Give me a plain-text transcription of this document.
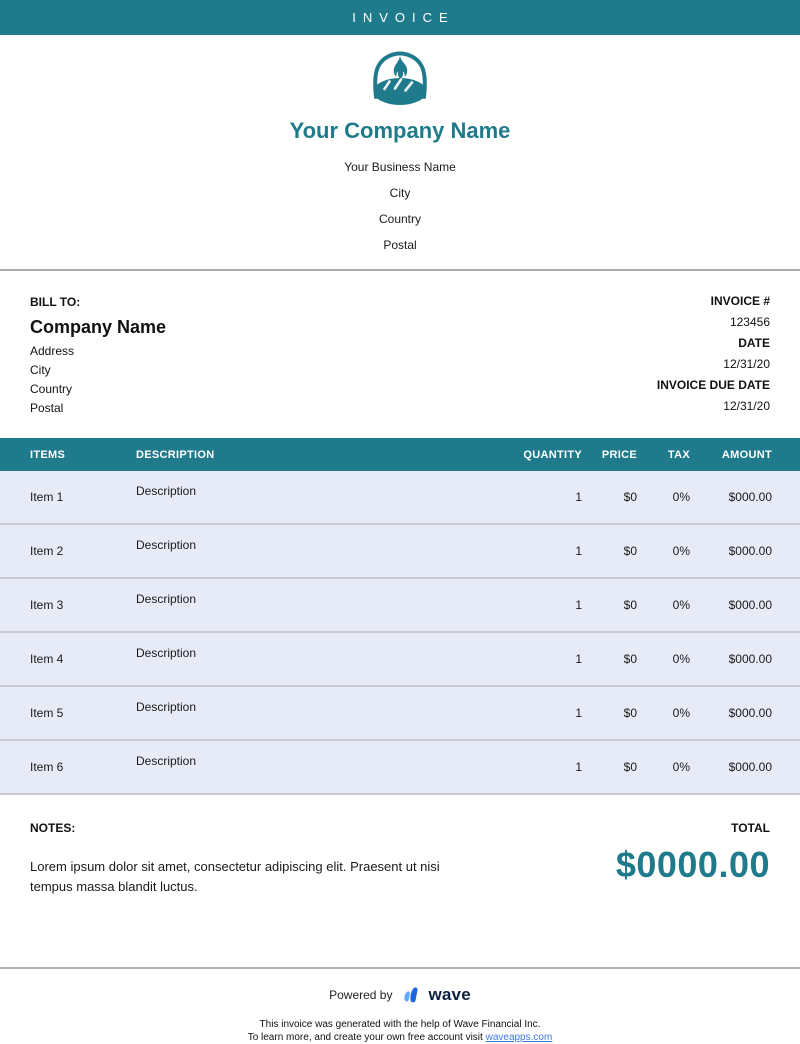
INVOICE
Your Company Name
Your Business Name
City
Country
Postal
BILL TO:
Company Name
Address
City
Country
Postal
INVOICE #
123456
DATE
12/31/20
INVOICE DUE DATE
12/31/20
ITEMS	DESCRIPTION	QUANTITY	PRICE	TAX	AMOUNT
Item 1	Description	1	$0	0%	$000.00
Item 2	Description	1	$0	0%	$000.00
Item 3	Description	1	$0	0%	$000.00
Item 4	Description	1	$0	0%	$000.00
Item 5	Description	1	$0	0%	$000.00
Item 6	Description	1	$0	0%	$000.00
NOTES:
Lorem ipsum dolor sit amet, consectetur adipiscing elit. Praesent ut nisi tempus massa blandit luctus.
TOTAL
$0000.00
Powered by wave
This invoice was generated with the help of Wave Financial Inc.
To learn more, and create your own free account visit waveapps.com
